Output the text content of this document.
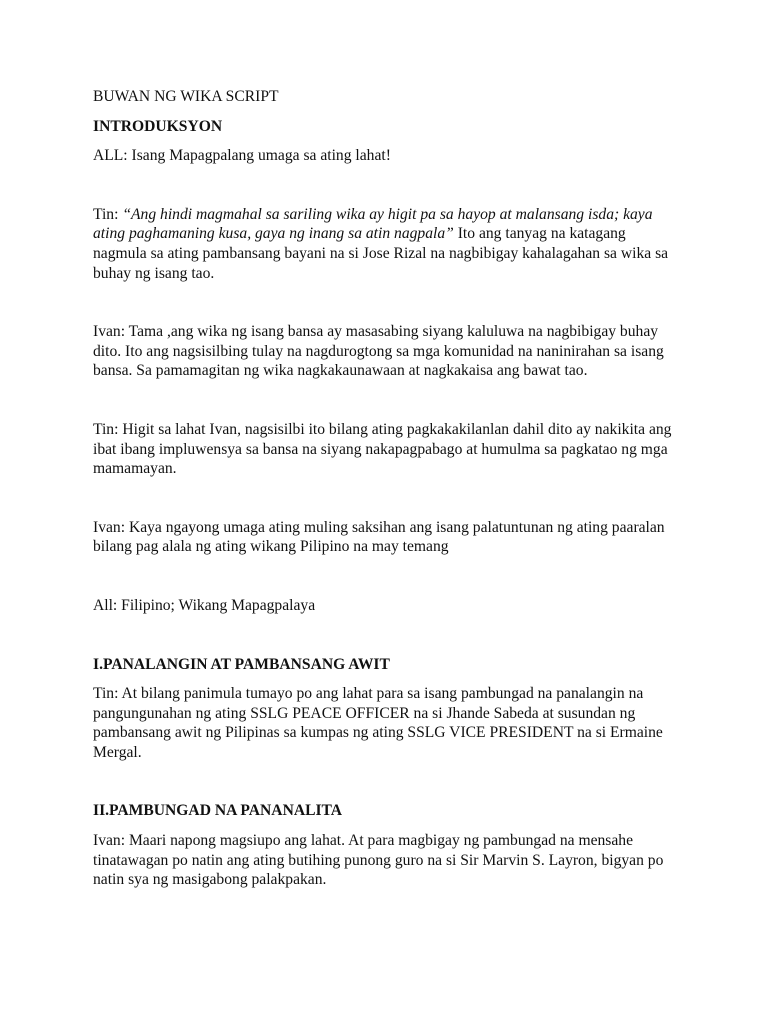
BUWAN NG WIKA SCRIPT

INTRODUKSYON

ALL: Isang Mapagpalang umaga sa ating lahat!

Tin: “Ang hindi magmahal sa sariling wika ay higit pa sa hayop at malansang isda; kaya ating paghamaning kusa, gaya ng inang sa atin nagpala” Ito ang tanyag na katagang nagmula sa ating pambansang bayani na si Jose Rizal na nagbibigay kahalagahan sa wika sa buhay ng isang tao.

Ivan: Tama ,ang wika ng isang bansa ay masasabing siyang kaluluwa na nagbibigay buhay dito. Ito ang nagsisilbing tulay na nagdurogtong sa mga komunidad na naninirahan sa isang bansa. Sa pamamagitan ng wika nagkakaunawaan at nagkakaisa ang bawat tao.

Tin: Higit sa lahat Ivan, nagsisilbi ito bilang ating pagkakakilanlan dahil dito ay nakikita ang ibat ibang impluwensya sa bansa na siyang nakapagpabago at humulma sa pagkatao ng mga mamamayan.

Ivan: Kaya ngayong umaga ating muling saksihan ang isang palatuntunan ng ating paaralan bilang pag alala ng ating wikang Pilipino na may temang

All: Filipino; Wikang Mapagpalaya

I.PANALANGIN AT PAMBANSANG AWIT

Tin: At bilang panimula tumayo po ang lahat para sa isang pambungad na panalangin na pangungunahan ng ating SSLG PEACE OFFICER na si Jhande Sabeda at susundan ng pambansang awit ng Pilipinas sa kumpas ng ating SSLG VICE PRESIDENT na si Ermaine Mergal.

II.PAMBUNGAD NA PANANALITA

Ivan: Maari napong magsiupo ang lahat. At para magbigay ng pambungad na mensahe tinatawagan po natin ang ating butihing punong guro na si Sir Marvin S. Layron, bigyan po natin sya ng masigabong palakpakan.
